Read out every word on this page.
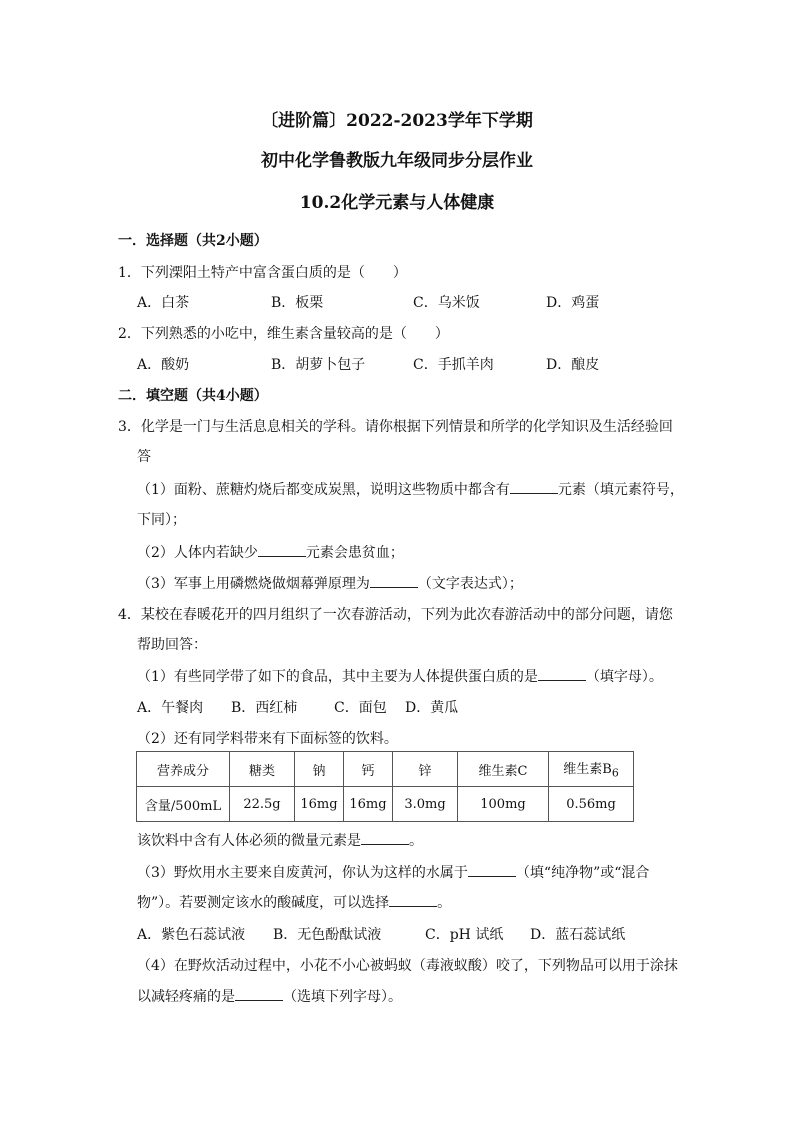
〔进阶篇〕2022-2023学年下学期
初中化学鲁教版九年级同步分层作业
10.2化学元素与人体健康
一．选择题（共2小题）
1．下列溧阳土特产中富含蛋白质的是（　　）
A．白茶	B．板栗	C．乌米饭	D．鸡蛋
2．下列熟悉的小吃中，维生素含量较高的是（　　）
A．酸奶	B．胡萝卜包子	C．手抓羊肉	D．酿皮
二．填空题（共4小题）
3．化学是一门与生活息息相关的学科。请你根据下列情景和所学的化学知识及生活经验回
答
（1）面粉、蔗糖灼烧后都变成炭黑，说明这些物质中都含有	元素（填元素符号，
下同）；
（2）人体内若缺少	元素会患贫血；
（3）军事上用磷燃烧做烟幕弹原理为	（文字表达式）；
4．某校在春暖花开的四月组织了一次春游活动，下列为此次春游活动中的部分问题，请您
帮助回答：
（1）有些同学带了如下的食品，其中主要为人体提供蛋白质的是	（填字母）。
A．午餐肉 B．西红柿	C．面包 D．黄瓜
（2）还有同学料带来有下面标签的饮料。
营养成分	糖类	钠	钙	锌	维生素C	维生素$B_6$
含量/500mL	22.5g	16mg	16mg	3.0mg	100mg	0.56mg
该饮料中含有人体必须的微量元素是	。
（3）野炊用水主要来自废黄河，你认为这样的水属于	（填“纯净物”或“混合
物”）。若要测定该水的酸碱度，可以选择	。
A．紫色石蕊试液 B．无色酚酞试液	C．pH 试纸 D．蓝石蕊试纸
（4）在野炊活动过程中，小花不小心被蚂蚁（毒液蚁酸）咬了，下列物品可以用于涂抹
以减轻疼痛的是	（选填下列字母）。
